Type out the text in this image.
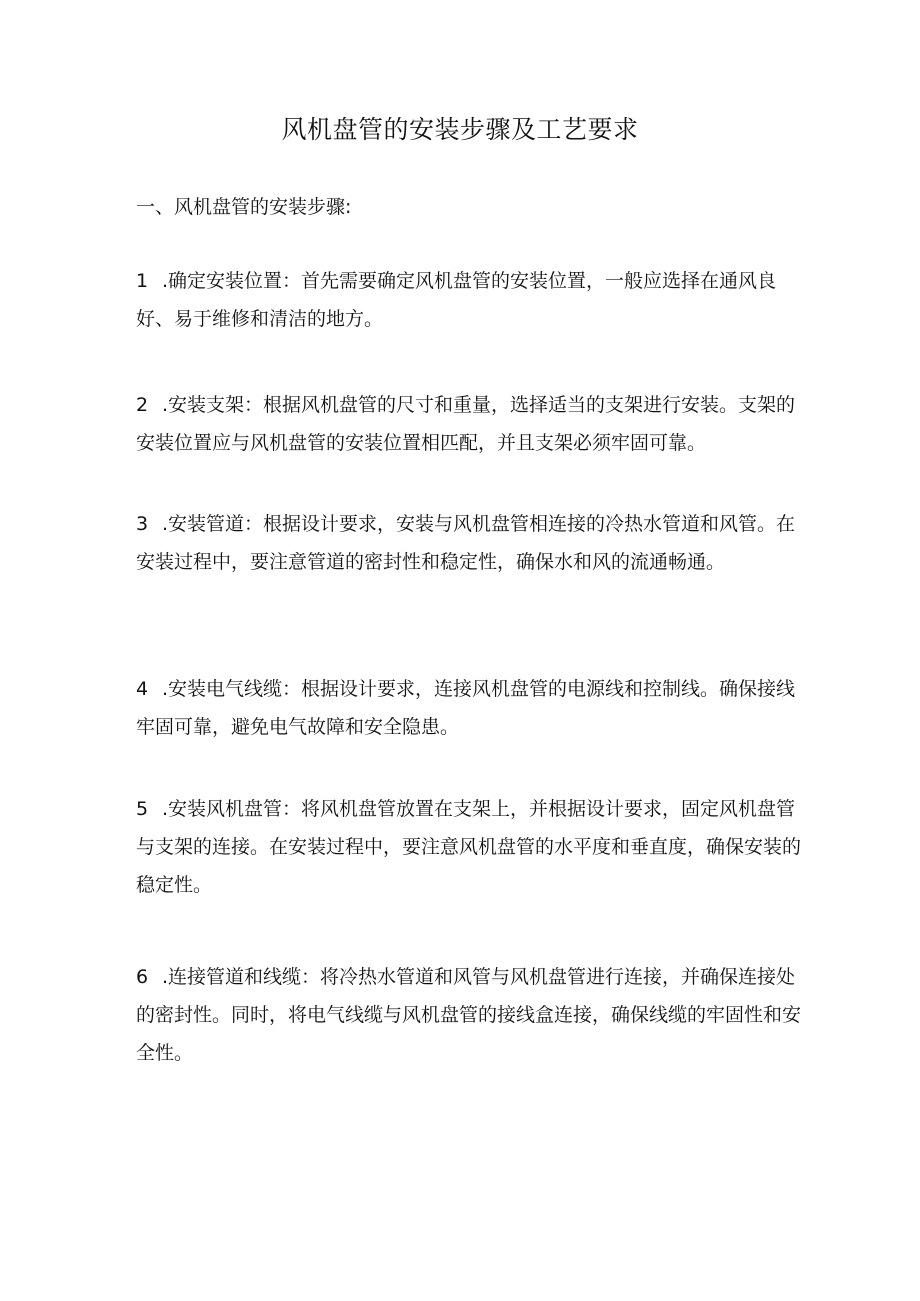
风机盘管的安装步骤及工艺要求

一、风机盘管的安装步骤:

1 .确定安装位置：首先需要确定风机盘管的安装位置，一般应选择在通风良好、易于维修和清洁的地方。

2 .安装支架：根据风机盘管的尺寸和重量，选择适当的支架进行安装。支架的安装位置应与风机盘管的安装位置相匹配，并且支架必须牢固可靠。

3 .安装管道：根据设计要求，安装与风机盘管相连接的冷热水管道和风管。在安装过程中，要注意管道的密封性和稳定性，确保水和风的流通畅通。

4 .安装电气线缆：根据设计要求，连接风机盘管的电源线和控制线。确保接线牢固可靠，避免电气故障和安全隐患。

5 .安装风机盘管：将风机盘管放置在支架上，并根据设计要求，固定风机盘管与支架的连接。在安装过程中，要注意风机盘管的水平度和垂直度，确保安装的稳定性。

6 .连接管道和线缆：将冷热水管道和风管与风机盘管进行连接，并确保连接处的密封性。同时，将电气线缆与风机盘管的接线盒连接，确保线缆的牢固性和安全性。
